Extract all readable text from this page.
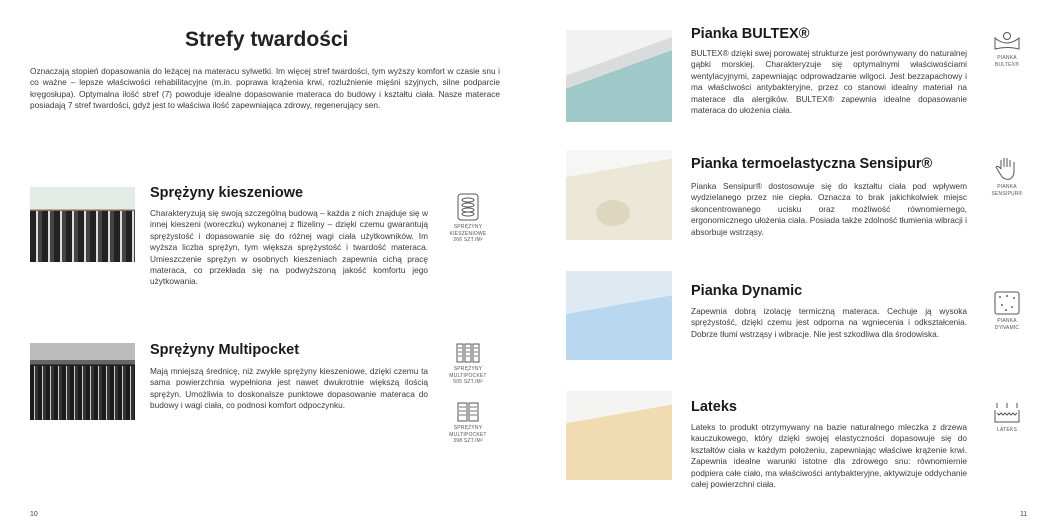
Strefy twardości
Oznaczają stopień dopasowania do leżącej na materacu sylwetki. Im więcej stref twardości, tym wyższy komfort w czasie snu i co ważne – lepsze właściwości rehabilitacyjne (m.in. poprawa krążenia krwi, rozluźnienie mięśni szyjnych, silne podparcie kręgosłupa). Optymalna ilość stref (7) powoduje idealne dopasowanie materaca do budowy i kształtu ciała. Nasze materace posiadają 7 stref twardości, gdyż jest to właściwa ilość zapewniająca zdrowy, regenerujący sen.
Sprężyny kieszeniowe
Charakteryzują się swoją szczególną budową – każda z nich znajduje się w innej kieszeni (woreczku) wykonanej z flizeliny – dzięki czemu gwarantują sprężystość i dopasowanie się do różnej wagi ciała użytkowników. Im wyższa liczba sprężyn, tym większa sprężystość i twardość materaca. Umieszczenie sprężyn w osobnych kieszeniach zapewnia cichą pracę materaca, co przekłada się na podwyższoną jakość komfortu jego użytkowania.
SPRĘŻYNY
KIESZENIOWE
266 SZT./M²
Sprężyny Multipocket
Mają mniejszą średnicę, niż zwykłe sprężyny kieszeniowe, dzięki czemu ta sama powierzchnia wypełniona jest nawet dwukrotnie większą ilością sprężyn. Umożliwia to doskonalsze punktowe dopasowanie materaca do budowy i wagi ciała, co podnosi komfort odpoczynku.
SPRĘŻYNY
MULTIPOCKET
505 SZT./M²
SPRĘŻYNY
MULTIPOCKET
398 SZT./M²
10
Pianka BULTEX®
BULTEX® dzięki swej porowatej strukturze jest porównywany do naturalnej gąbki morskiej. Charakteryzuje się optymalnymi właściwościami wentylacyjnymi, zapewniając odprowadzanie wilgoci. Jest bezzapachowy i ma właściwości antybakteryjne, przez co stanowi idealny materiał na materace dla alergików. BULTEX® zapewnia idealne dopasowanie materaca do ułożenia ciała.
PIANKA
BULTEX®
Pianka termoelastyczna Sensipur®
Pianka Sensipur® dostosowuje się do kształtu ciała pod wpływem wydzielanego przez nie ciepła. Oznacza to brak jakichkolwiek miejsc skoncentrowanego ucisku oraz możliwość równomiernego, ergonomicznego ułożenia ciała. Posiada także zdolność tłumienia wibracji i absorbuje wstrząsy.
PIANKA
SENSIPUR®
Pianka Dynamic
Zapewnia dobrą izolację termiczną materaca. Cechuje ją wysoka sprężystość, dzięki czemu jest odporna na wgniecenia i odkształcenia. Dobrze tłumi wstrząsy i wibracje. Nie jest szkodliwa dla środowiska.
PIANKA
DYNAMIC
Lateks
Lateks to produkt otrzymywany na bazie naturalnego mleczka z drzewa kauczukowego, który dzięki swojej elastyczności dopasowuje się do kształtów ciała w każdym położeniu, zapewniając właściwe krążenie krwi. Zapewnia idealne warunki istotne dla zdrowego snu: równomiernie podpiera całe ciało, ma właściwości antybakteryjne, aktywizuje oddychanie całej powierzchni ciała.
LATEKS
11
